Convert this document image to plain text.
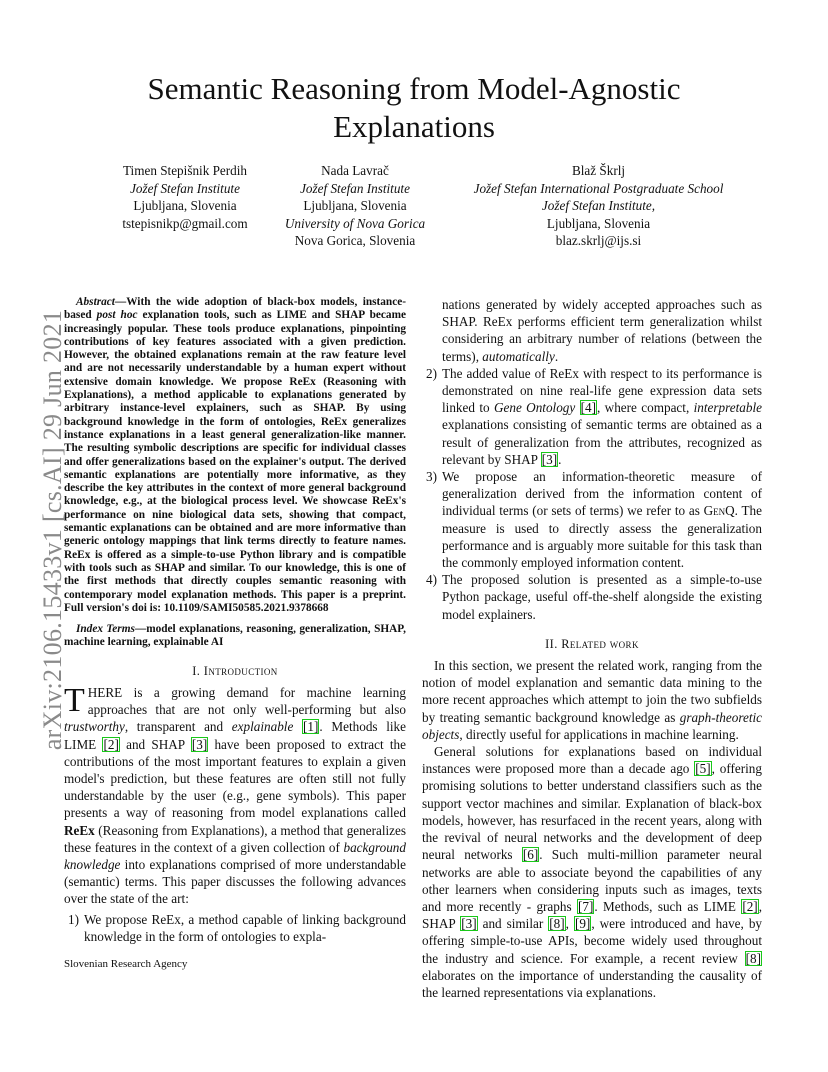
arXiv:2106.15433v1 [cs.AI] 29 Jun 2021
Semantic Reasoning from Model-Agnostic Explanations
Timen Stepišnik Perdih
Jožef Stefan Institute
Ljubljana, Slovenia
tstepisnikp@gmail.com
Nada Lavrač
Jožef Stefan Institute
Ljubljana, Slovenia
University of Nova Gorica
Nova Gorica, Slovenia
Blaž Škrlj
Jožef Stefan International Postgraduate School
Jožef Stefan Institute,
Ljubljana, Slovenia
blaz.skrlj@ijs.si

Abstract—With the wide adoption of black-box models, instance-based post hoc explanation tools, such as LIME and SHAP became increasingly popular. These tools produce explanations, pinpointing contributions of key features associated with a given prediction. However, the obtained explanations remain at the raw feature level and are not necessarily understandable by a human expert without extensive domain knowledge. We propose ReEx (Reasoning with Explanations), a method applicable to explanations generated by arbitrary instance-level explainers, such as SHAP. By using background knowledge in the form of ontologies, ReEx generalizes instance explanations in a least general generalization-like manner. The resulting symbolic descriptions are specific for individual classes and offer generalizations based on the explainer's output. The derived semantic explanations are potentially more informative, as they describe the key attributes in the context of more general background knowledge, e.g., at the biological process level. We showcase ReEx's performance on nine biological data sets, showing that compact, semantic explanations can be obtained and are more informative than generic ontology mappings that link terms directly to feature names. ReEx is offered as a simple-to-use Python library and is compatible with tools such as SHAP and similar. To our knowledge, this is one of the first methods that directly couples semantic reasoning with contemporary model explanation methods. This paper is a preprint. Full version's doi is: 10.1109/SAMI50585.2021.9378668

Index Terms—model explanations, reasoning, generalization, SHAP, machine learning, explainable AI

I. Introduction

THERE is a growing demand for machine learning approaches that are not only well-performing but also trustworthy, transparent and explainable [1]. Methods like LIME [2] and SHAP [3] have been proposed to extract the contributions of the most important features to explain a given model's prediction, but these features are often still not fully understandable by the user (e.g., gene symbols). This paper presents a way of reasoning from model explanations called ReEx (Reasoning from Explanations), a method that generalizes these features in the context of a given collection of background knowledge into explanations comprised of more understandable (semantic) terms. This paper discusses the following advances over the state of the art:

1) We propose ReEx, a method capable of linking background knowledge in the form of ontologies to expla-

nations generated by widely accepted approaches such as SHAP. ReEx performs efficient term generalization whilst considering an arbitrary number of relations (between the terms), automatically.

2) The added value of ReEx with respect to its performance is demonstrated on nine real-life gene expression data sets linked to Gene Ontology [4], where compact, interpretable explanations consisting of semantic terms are obtained as a result of generalization from the attributes, recognized as relevant by SHAP [3].
3) We propose an information-theoretic measure of generalization derived from the information content of individual terms (or sets of terms) we refer to as GenQ. The measure is used to directly assess the generalization performance and is arguably more suitable for this task than the commonly employed information content.
4) The proposed solution is presented as a simple-to-use Python package, useful off-the-shelf alongside the existing model explainers.
II. Related work

In this section, we present the related work, ranging from the notion of model explanation and semantic data mining to the more recent approaches which attempt to join the two subfields by treating semantic background knowledge as graph-theoretic objects, directly useful for applications in machine learning.

General solutions for explanations based on individual instances were proposed more than a decade ago [5], offering promising solutions to better understand classifiers such as the support vector machines and similar. Explanation of black-box models, however, has resurfaced in the recent years, along with the revival of neural networks and the development of deep neural networks [6]. Such multi-million parameter neural networks are able to associate beyond the capabilities of any other learners when considering inputs such as images, texts and more recently - graphs [7]. Methods, such as LIME [2], SHAP [3] and similar [8], [9], were introduced and have, by offering simple-to-use APIs, become widely used throughout the industry and science. For example, a recent review [8] elaborates on the importance of understanding the causality of the learned representations via explanations.

Slovenian Research Agency
